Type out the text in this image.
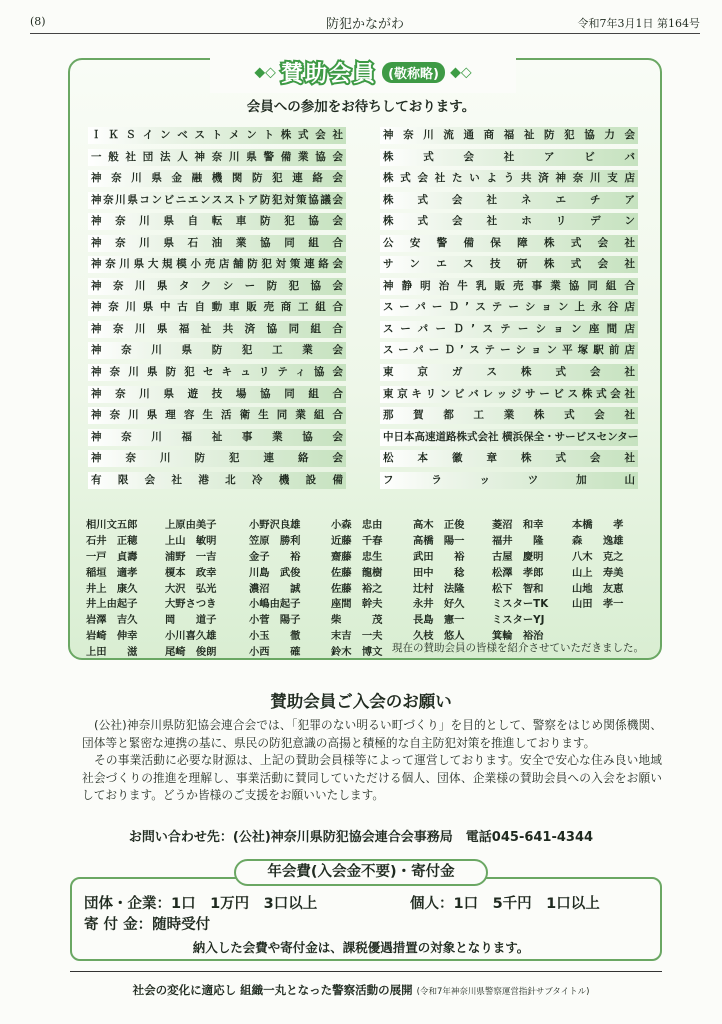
(8)	防犯かながわ	令和7年3月1日 第164号
◆◇ 賛助会員 (敬称略) ◆◇
会員への参加をお待ちしております。
ＩＫＳインベストメント株式会社
一般社団法人神奈川県警備業協会
神奈川県金融機関防犯連絡会
神奈川県コンビニエンスストア防犯対策協議会
神奈川県自転車防犯協会
神奈川県石油業協同組合
神奈川県大規模小売店舗防犯対策連絡会
神奈川県タクシー防犯協会
神奈川県中古自動車販売商工組合
神奈川県福祉共済協同組合
神奈川県防犯工業会
神奈川県防犯セキュリティ協会
神奈川県遊技場協同組合
神奈川県理容生活衛生同業組合
神奈川福祉事業協会
神奈川防犯連絡会
有限会社港北冷機設備
神奈川流通商福祉防犯協力会
株式会社アビバ
株式会社たいよう共済神奈川支店
株式会社ネエチア
株式会社ホリデン
公安警備保障株式会社
サンエス技研株式会社
神静明治牛乳販売事業協同組合
スーパーＤ’ステーション上永谷店
スーパーＤ’ステーション座間店
スーパーＤ’ステーション平塚駅前店
東京ガス株式会社
東京キリンビバレッジサービス株式会社
那賀都工業株式会社
中日本高速道路株式会社 横浜保全・サービスセンター
松本徽章株式会社
フラッツ加山
相川文五郎	上原由美子	小野沢良雄	小森　忠由	高木　正俊	菱沼　和幸	本橋　　孝
石井　正穂	上山　敏明	笠原　勝利	近藤　千春	高橋　陽一	福井　　隆	森　　逸雄
一戸　貞壽	浦野　一吉	金子　　裕	齋藤　忠生	武田　　裕	古屋　慶明	八木　克之
稲垣　適孝	榎本　政幸	川島　武俊	佐藤　龍樹	田中　　稔	松澤　孝郎	山上　寿美
井上　康久	大沢　弘光	濃沼　　誠	佐藤　裕之	辻村　法隆	松下　智和	山地　友恵
井上由起子	大野さつき	小嶋由起子	座間　幹夫	永井　好久	ミスターTK	山田　孝一
岩澤　吉久	岡　　道子	小菅　陽子	柴　　　茂	長島　憲一	ミスターYJ
岩崎　伸幸	小川喜久雄	小玉　　徹	末吉　一夫	久枝　悠人	箕輪　裕治
上田　　滋	尾崎　俊朗	小西　　確	鈴木　博文 現在の賛助会員の皆様を紹介させていただきました。
賛助会員ご入会のお願い

(公社)神奈川県防犯協会連合会では、「犯罪のない明るい町づくり」を目的として、警察をはじめ関係機関、団体等と緊密な連携の基に、県民の防犯意識の高揚と積極的な自主防犯対策を推進しております。

その事業活動に必要な財源は、上記の賛助会員様等によって運営しております。安全で安心な住み良い地域社会づくりの推進を理解し、事業活動に賛同していただける個人、団体、企業様の賛助会員への入会をお願いしております。どうか皆様のご支援をお願いいたします。

お問い合わせ先：(公社)神奈川県防犯協会連合会事務局　電話045-641-4344
年会費(入会金不要)・寄付金
団体・企業：1口　1万円　3口以上	個人：1口　5千円　1口以上
寄 付 金：随時受付
納入した会費や寄付金は、課税優遇措置の対象となります。
社会の変化に適応し 組織一丸となった警察活動の展開 (令和7年神奈川県警察運営指針サブタイトル)
